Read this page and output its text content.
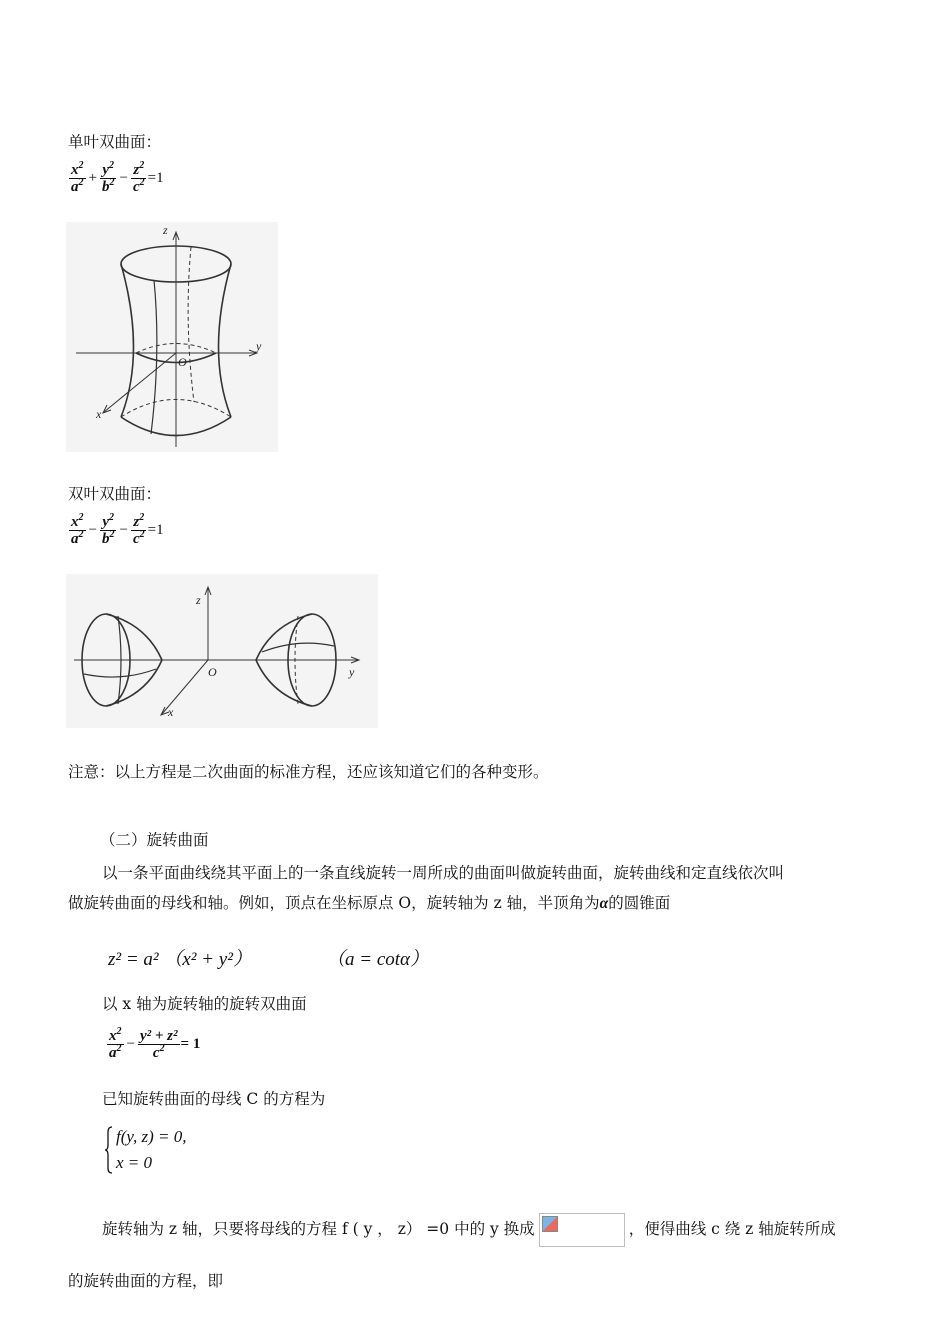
单叶双曲面：
$\frac{x^2}{a^2} + \frac{y^2}{b^2} - \frac{z^2}{c^2} =1$
z
y
x
O
双叶双曲面：
$\frac{x^2}{a^2} - \frac{y^2}{b^2} - \frac{z^2}{c^2} =1$
z
y
x
O
注意：以上方程是二次曲面的标准方程，还应该知道它们的各种变形。
（二）旋转曲面
以一条平面曲线绕其平面上的一条直线旋转一周所成的曲面叫做旋转曲面，旋转曲线和定直线依次叫
做旋转曲面的母线和轴。例如，顶点在坐标原点 O，旋转轴为 z 轴，半顶角为α的圆锥面
z² = a² （x² + y²）	（a = cotα）
以 x 轴为旋转轴的旋转双曲面
$\frac{x^2}{a^2} - \frac{\text{y² + z²}}{c^2} = 1$
已知旋转曲面的母线 C 的方程为
f(y, z) = 0,
x = 0
旋转轴为 z 轴，只要将母线的方程 f ( y ， z） =0 中的 y 换成	，便得曲线 c 绕 z 轴旋转所成
的旋转曲面的方程，即
